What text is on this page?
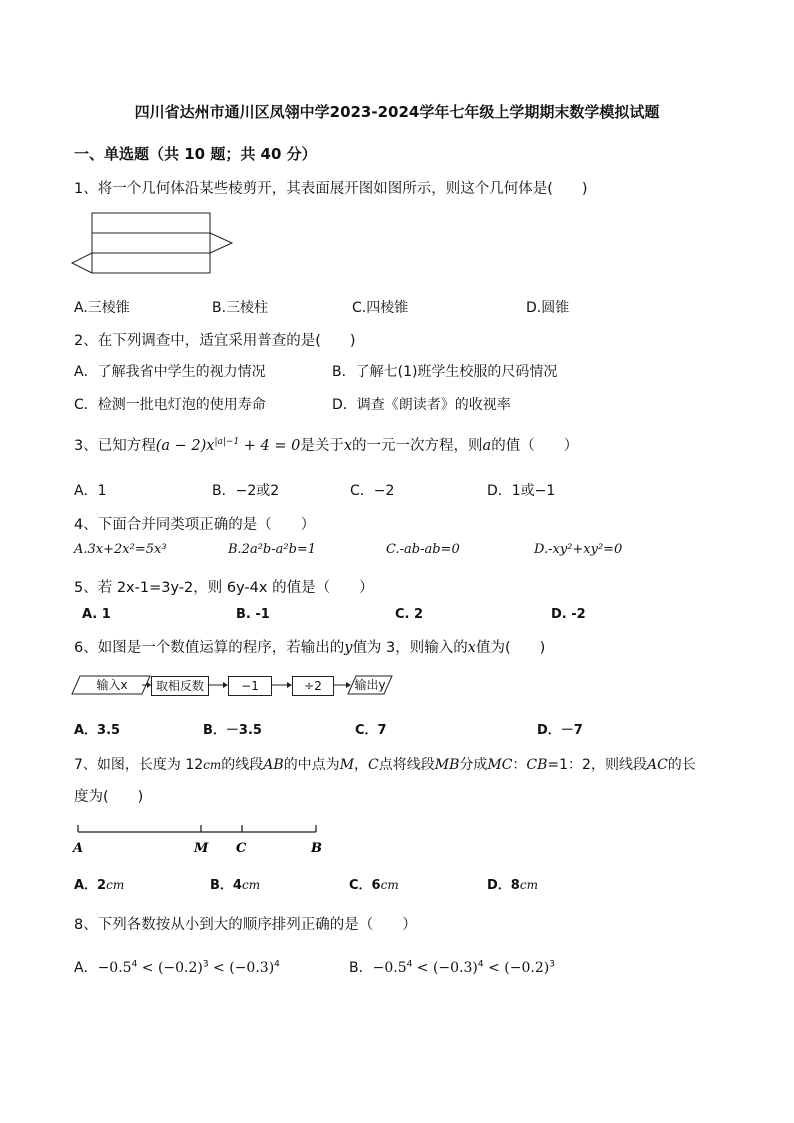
四川省达州市通川区凤翎中学2023-2024学年七年级上学期期末数学模拟试题
一、单选题（共 10 题；共 40 分）
1、将一个几何体沿某些棱剪开，其表面展开图如图所示，则这个几何体是(　　)
A.三棱锥	B.三棱柱	C.四棱锥	D.圆锥
2、在下列调查中，适宜采用普查的是(　　)
A．了解我省中学生的视力情况	B．了解七(1)班学生校服的尺码情况
C．检测一批电灯泡的使用寿命	D．调查《朗读者》的收视率
3、已知方程$(a - 2)x^{|a|-1} + 4 = 0$是关于x的一元一次方程，则a的值（　　）
A．1	B．−2或2	C．−2	D．1或−1
4、下面合并同类项正确的是（　　）
A.3x+2x²=5x³	B.2a²b-a²b=1	C.-ab-ab=0	D.-xy²+xy²=0
5、若 2x-1=3y-2，则 6y-4x 的值是（　　）
A. 1	B. -1	C. 2	D. -2
6、如图是一个数值运算的程序，若输出的y值为 3，则输入的x值为(　　)
输入x	取相反数	−1	÷2	输出y
A．3.5	B．－3.5	C．7	D．－7
7、如图，长度为 12cm的线段AB的中点为M，C点将线段MB分成MC：CB=1：2，则线段AC的长
度为(　　)
A	M C	B
A．2cm	B．4cm	C．6cm	D．8cm
8、下列各数按从小到大的顺序排列正确的是（　　）
A．$-0.5^4 < (-0.2)^3 < (-0.3)^4$	B．$-0.5^4 < (-0.3)^4 < (-0.2)^3$
